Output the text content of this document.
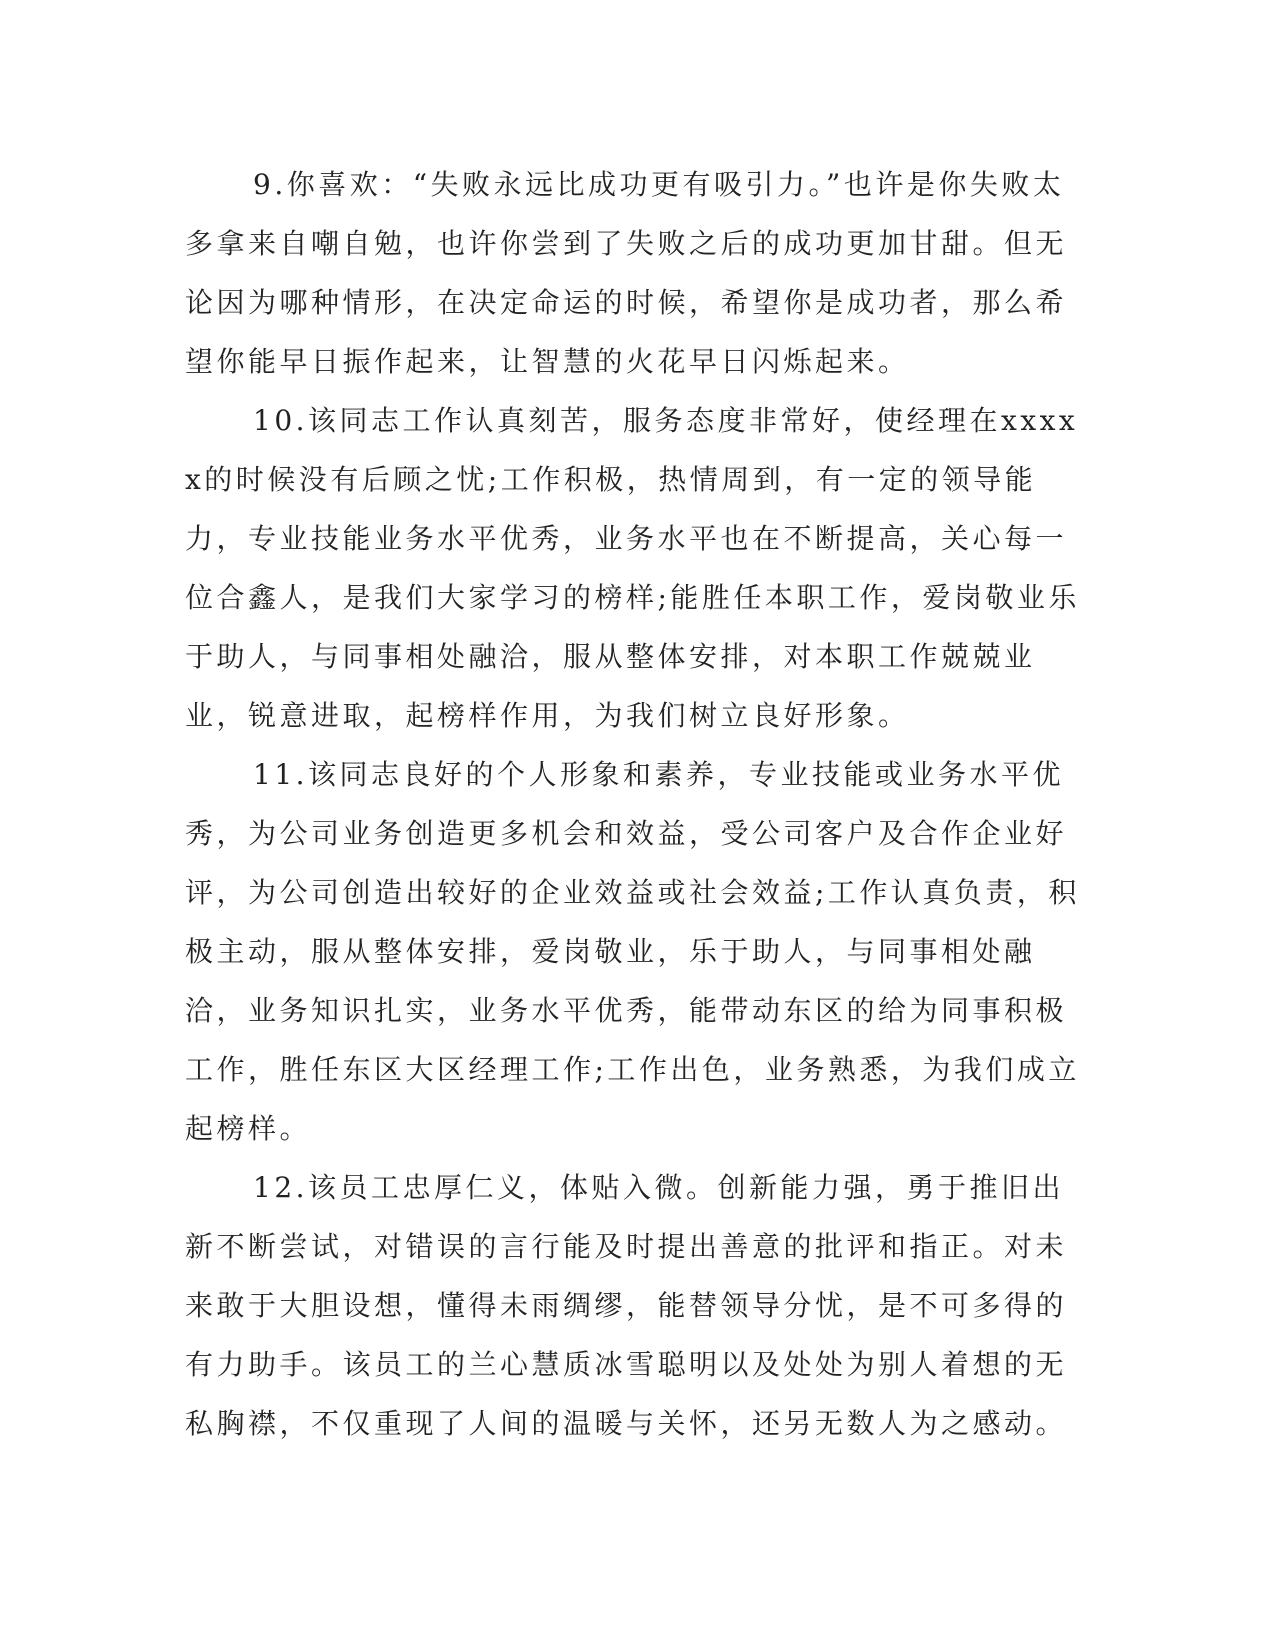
9.你喜欢：“失败永远比成功更有吸引力。”也许是你失败太多拿来自嘲自勉，也许你尝到了失败之后的成功更加甘甜。但无论因为哪种情形，在决定命运的时候，希望你是成功者，那么希望你能早日振作起来，让智慧的火花早日闪烁起来。

10.该同志工作认真刻苦，服务态度非常好，使经理在xxxxx的时候没有后顾之忧;工作积极，热情周到，有一定的领导能力，专业技能业务水平优秀，业务水平也在不断提高，关心每一位合鑫人，是我们大家学习的榜样;能胜任本职工作，爱岗敬业乐于助人，与同事相处融洽，服从整体安排，对本职工作兢兢业业，锐意进取，起榜样作用，为我们树立良好形象。

11.该同志良好的个人形象和素养，专业技能或业务水平优秀，为公司业务创造更多机会和效益，受公司客户及合作企业好评，为公司创造出较好的企业效益或社会效益;工作认真负责，积极主动，服从整体安排，爱岗敬业，乐于助人，与同事相处融洽，业务知识扎实，业务水平优秀，能带动东区的给为同事积极工作，胜任东区大区经理工作;工作出色，业务熟悉，为我们成立起榜样。

12.该员工忠厚仁义，体贴入微。创新能力强，勇于推旧出新不断尝试，对错误的言行能及时提出善意的批评和指正。对未来敢于大胆设想，懂得未雨绸缪，能替领导分忧，是不可多得的有力助手。该员工的兰心慧质冰雪聪明以及处处为别人着想的无私胸襟，不仅重现了人间的温暖与关怀，还另无数人为之感动。
